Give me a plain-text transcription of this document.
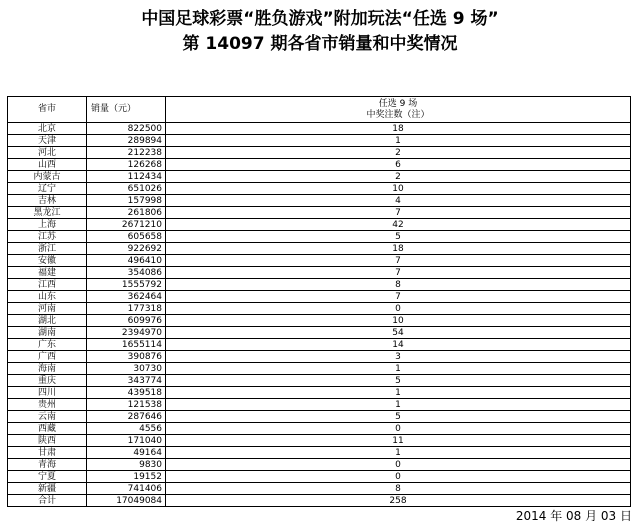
中国足球彩票“胜负游戏”附加玩法“任选 9 场”
第 14097 期各省市销量和中奖情况
省市	销量（元）	任选 9 场
中奖注数（注）

北京	822500	18
天津	289894	1
河北	212238	2
山西	126268	6
内蒙古	112434	2
辽宁	651026	10
吉林	157998	4
黑龙江	261806	7
上海	2671210	42
江苏	605658	5
浙江	922692	18
安徽	496410	7
福建	354086	7
江西	1555792	8
山东	362464	7
河南	177318	0
湖北	609976	10
湖南	2394970	54
广东	1655114	14
广西	390876	3
海南	30730	1
重庆	343774	5
四川	439518	1
贵州	121538	1
云南	287646	5
西藏	4556	0
陕西	171040	11
甘肃	49164	1
青海	9830	0
宁夏	19152	0
新疆	741406	8
合计	17049084	258
2014 年 08 月 03 日
